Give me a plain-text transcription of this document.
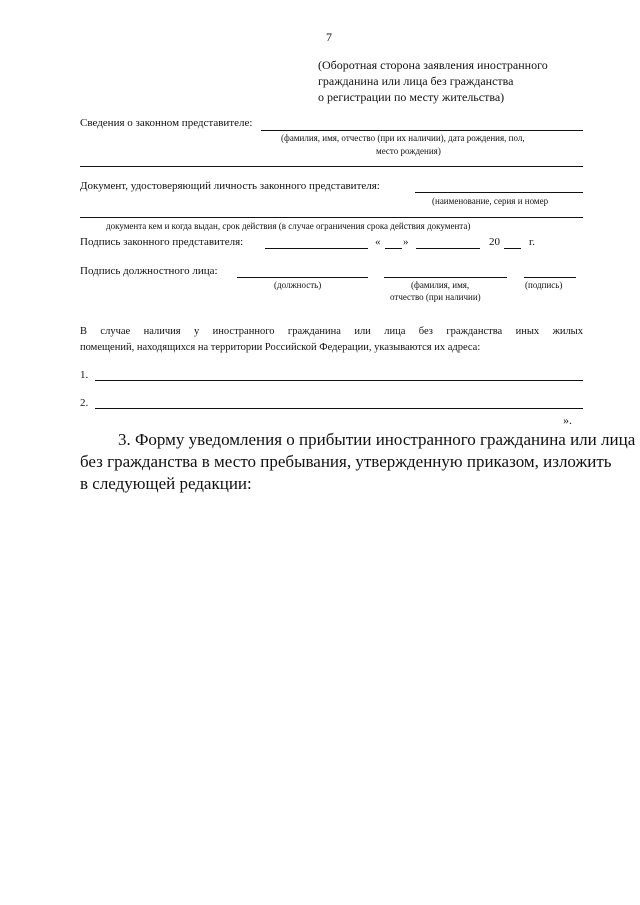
7
(Оборотная сторона заявления иностранного
гражданина или лица без гражданства
о регистрации по месту жительства)
Сведения о законном представителе:
(фамилия, имя, отчество (при их наличии), дата рождения, пол,
место рождения)
Документ, удостоверяющий личность законного представителя:
(наименование, серия и номер
документа кем и когда выдан, срок действия (в случае ограничения срока действия документа)
Подпись законного представителя:	« »	20	г.
Подпись должностного лица:
(должность)	(фамилия, имя,
отчество (при наличии)
(подпись)
В случае наличия у иностранного гражданина или лица без гражданства иных жилых
помещений, находящихся на территории Российской Федерации, указываются их адреса:
1.
2.
».
3. Форму уведомления о прибытии иностранного гражданина или лица
без гражданства в место пребывания, утвержденную приказом, изложить
в следующей редакции:
